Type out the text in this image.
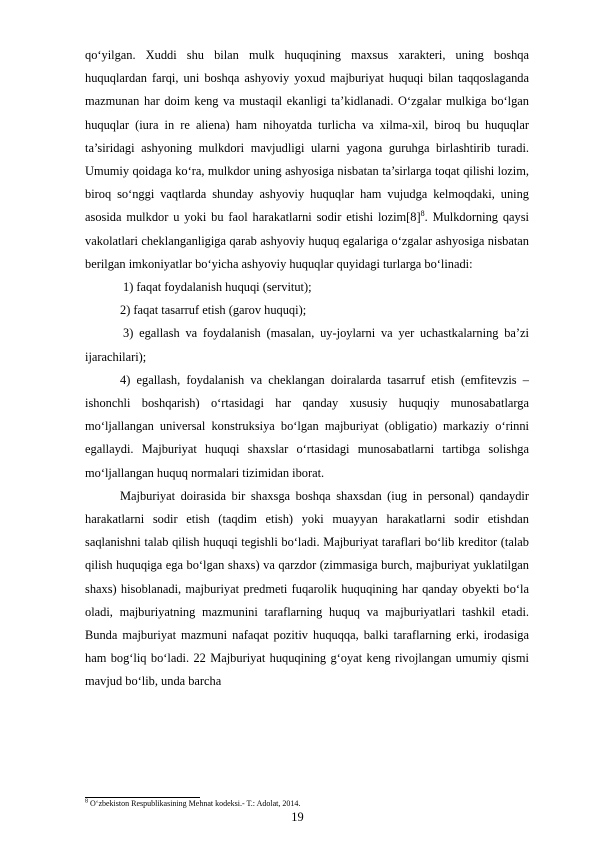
qo‘yilgan. Xuddi shu bilan mulk huquqining maxsus xarakteri, uning boshqa huquqlardan farqi, uni boshqa ashyoviy yoxud majburiyat huquqi bilan taqqoslaganda mazmunan har doim keng va mustaqil ekanligi ta’kidlanadi. O‘zgalar mulkiga bo‘lgan huquqlar (iura in re aliena) ham nihoyatda turlicha va xilma-xil, biroq bu huquqlar ta’siridagi ashyoning mulkdori mavjudligi ularni yagona guruhga birlashtirib turadi. Umumiy qoidaga ko‘ra, mulkdor uning ashyosiga nisbatan ta’sirlarga toqat qilishi lozim, biroq so‘nggi vaqtlarda shunday ashyoviy huquqlar ham vujudga kelmoqdaki, uning asosida mulkdor u yoki bu faol harakatlarni sodir etishi $lozim[8]^8$. Mulkdorning qaysi vakolatlari cheklanganligiga qarab ashyoviy huquq egalariga o‘zgalar ashyosiga nisbatan berilgan imkoniyatlar bo‘yicha ashyoviy huquqlar quyidagi turlarga bo‘linadi:

1) faqat foydalanish huquqi (servitut);

2) faqat tasarruf etish (garov huquqi);

3) egallash va foydalanish (masalan, uy-joylarni va yer uchastkalarning ba’zi ijarachilari);

4) egallash, foydalanish va cheklangan doiralarda tasarruf etish (emfitevzis – ishonchli boshqarish) o‘rtasidagi har qanday xususiy huquqiy munosabatlarga mo‘ljallangan universal konstruksiya bo‘lgan majburiyat (obligatio) markaziy o‘rinni egallaydi. Majburiyat huquqi shaxslar o‘rtasidagi munosabatlarni tartibga solishga mo‘ljallangan huquq normalari tizimidan iborat.

Majburiyat doirasida bir shaxsga boshqa shaxsdan (iug in personal) qandaydir harakatlarni sodir etish (taqdim etish) yoki muayyan harakatlarni sodir etishdan saqlanishni talab qilish huquqi tegishli bo‘ladi. Majburiyat taraflari bo‘lib kreditor (talab qilish huquqiga ega bo‘lgan shaxs) va qarzdor (zimmasiga burch, majburiyat yuklatilgan shaxs) hisoblanadi, majburiyat predmeti fuqarolik huquqining har qanday obyekti bo‘la oladi, majburiyatning mazmunini taraflarning huquq va majburiyatlari tashkil etadi. Bunda majburiyat mazmuni nafaqat pozitiv huquqqa, balki taraflarning erki, irodasiga ham bog‘liq bo‘ladi. 22 Majburiyat huquqining g‘oyat keng rivojlangan umumiy qismi mavjud bo‘lib, unda barcha

$^8$ O‘zbekiston Respublikasining Mehnat kodeksi.- T.: Adolat, 2014.
19
